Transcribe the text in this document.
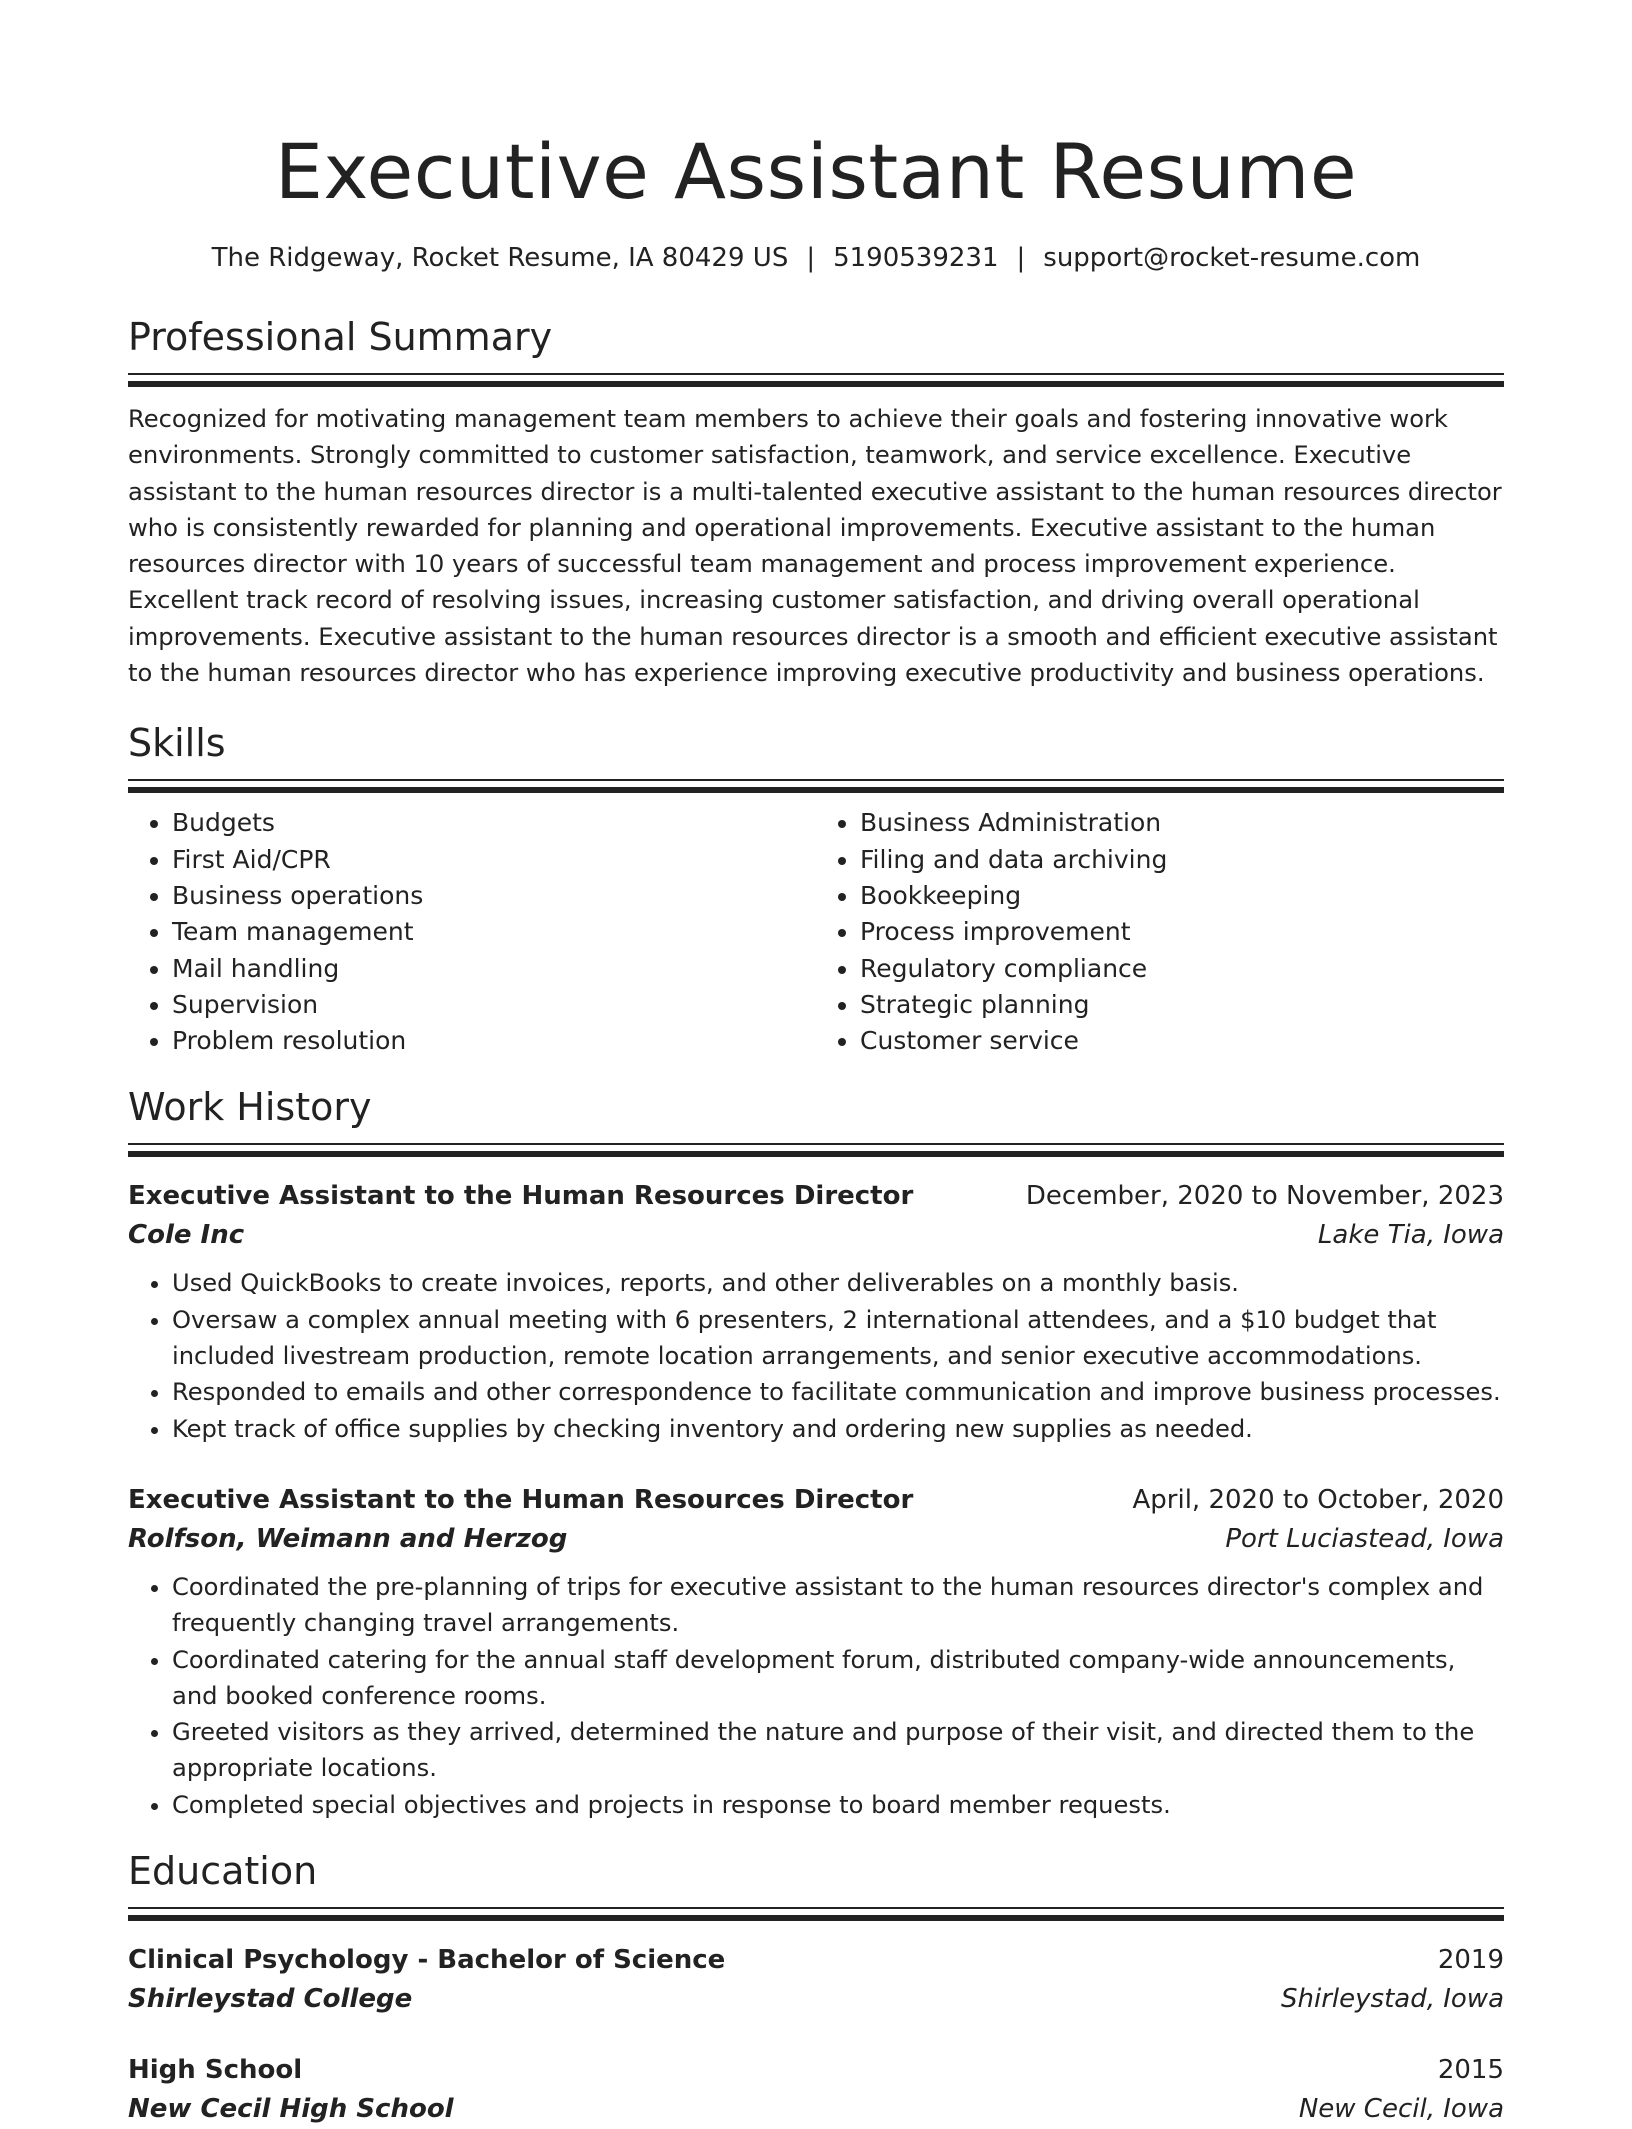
Executive Assistant Resume
The Ridgeway, Rocket Resume, IA 80429 US | 5190539231 | support@rocket-resume.com
Professional Summary

Recognized for motivating management team members to achieve their goals and fostering innovative work environments. Strongly committed to customer satisfaction, teamwork, and service excellence. Executive assistant to the human resources director is a multi-talented executive assistant to the human resources director who is consistently rewarded for planning and operational improvements. Executive assistant to the human resources director with 10 years of successful team management and process improvement experience. Excellent track record of resolving issues, increasing customer satisfaction, and driving overall operational improvements. Executive assistant to the human resources director is a smooth and efficient executive assistant to the human resources director who has experience improving executive productivity and business operations.

Skills
• Budgets
• First Aid/CPR
• Business operations
• Team management
• Mail handling
• Supervision
• Problem resolution
• Business Administration
• Filing and data archiving
• Bookkeeping
• Process improvement
• Regulatory compliance
• Strategic planning
• Customer service
Work History
Executive Assistant to the Human Resources Director	December, 2020 to November, 2023
Cole Inc	Lake Tia, Iowa
• Used QuickBooks to create invoices, reports, and other deliverables on a monthly basis.
• Oversaw a complex annual meeting with 6 presenters, 2 international attendees, and a $10 budget that included livestream production, remote location arrangements, and senior executive accommodations.
• Responded to emails and other correspondence to facilitate communication and improve business processes.
• Kept track of office supplies by checking inventory and ordering new supplies as needed.
Executive Assistant to the Human Resources Director	April, 2020 to October, 2020
Rolfson, Weimann and Herzog	Port Luciastead, Iowa
• Coordinated the pre-planning of trips for executive assistant to the human resources director's complex and frequently changing travel arrangements.
• Coordinated catering for the annual staff development forum, distributed company-wide announcements, and booked conference rooms.
• Greeted visitors as they arrived, determined the nature and purpose of their visit, and directed them to the appropriate locations.
• Completed special objectives and projects in response to board member requests.
Education
Clinical Psychology - Bachelor of Science	2019
Shirleystad College	Shirleystad, Iowa
High School	2015
New Cecil High School	New Cecil, Iowa
